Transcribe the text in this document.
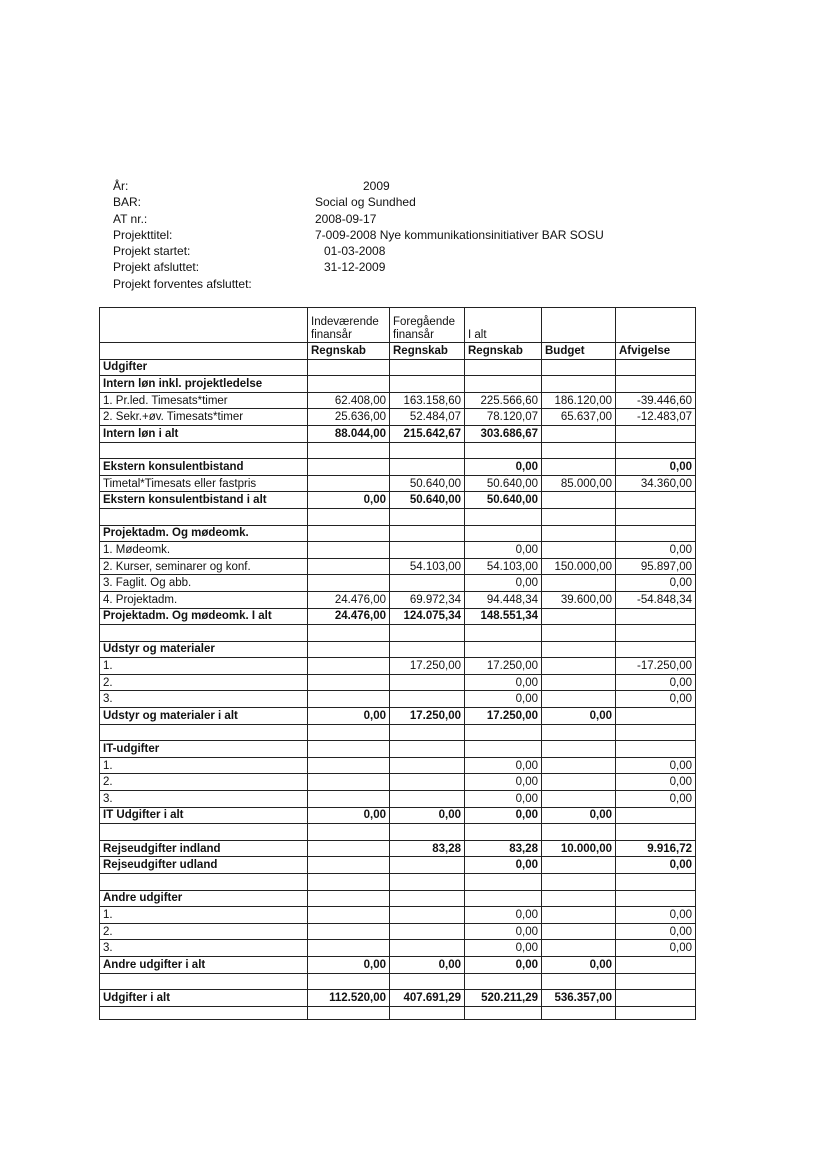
År:	2009
BAR:	Social og Sundhed
AT nr.:	2008-09-17
Projekttitel:	7-009-2008 Nye kommunikationsinitiativer BAR SOSU
Projekt startet:	01-03-2008
Projekt afsluttet:	31-12-2009
Projekt forventes afsluttet:
	Indeværende finansår	Foregående finansår	I alt		
	Regnskab	Regnskab	Regnskab	Budget	Afvigelse
Udgifter					
Intern løn inkl. projektledelse					
1. Pr.led. Timesats*timer	62.408,00	163.158,60	225.566,60	186.120,00	-39.446,60
2. Sekr.+øv. Timesats*timer	25.636,00	52.484,07	78.120,07	65.637,00	-12.483,07
Intern løn i alt	88.044,00	215.642,67	303.686,67		

Ekstern konsulentbistand			0,00		0,00
Timetal*Timesats eller fastpris		50.640,00	50.640,00	85.000,00	34.360,00
Ekstern konsulentbistand i alt	0,00	50.640,00	50.640,00		

Projektadm. Og mødeomk.					
1. Mødeomk.			0,00		0,00
2. Kurser, seminarer og konf.		54.103,00	54.103,00	150.000,00	95.897,00
3. Faglit. Og abb.			0,00		0,00
4. Projektadm.	24.476,00	69.972,34	94.448,34	39.600,00	-54.848,34
Projektadm. Og mødeomk. I alt	24.476,00	124.075,34	148.551,34		

Udstyr og materialer					
1.		17.250,00	17.250,00		-17.250,00
2.			0,00		0,00
3.			0,00		0,00
Udstyr og materialer i alt	0,00	17.250,00	17.250,00	0,00	

IT-udgifter					
1.			0,00		0,00
2.			0,00		0,00
3.			0,00		0,00
IT Udgifter i alt	0,00	0,00	0,00	0,00	

Rejseudgifter indland		83,28	83,28	10.000,00	9.916,72
Rejseudgifter udland			0,00		0,00

Andre udgifter					
1.			0,00		0,00
2.			0,00		0,00
3.			0,00		0,00
Andre udgifter i alt	0,00	0,00	0,00	0,00	

Udgifter i alt	112.520,00	407.691,29	520.211,29	536.357,00	
